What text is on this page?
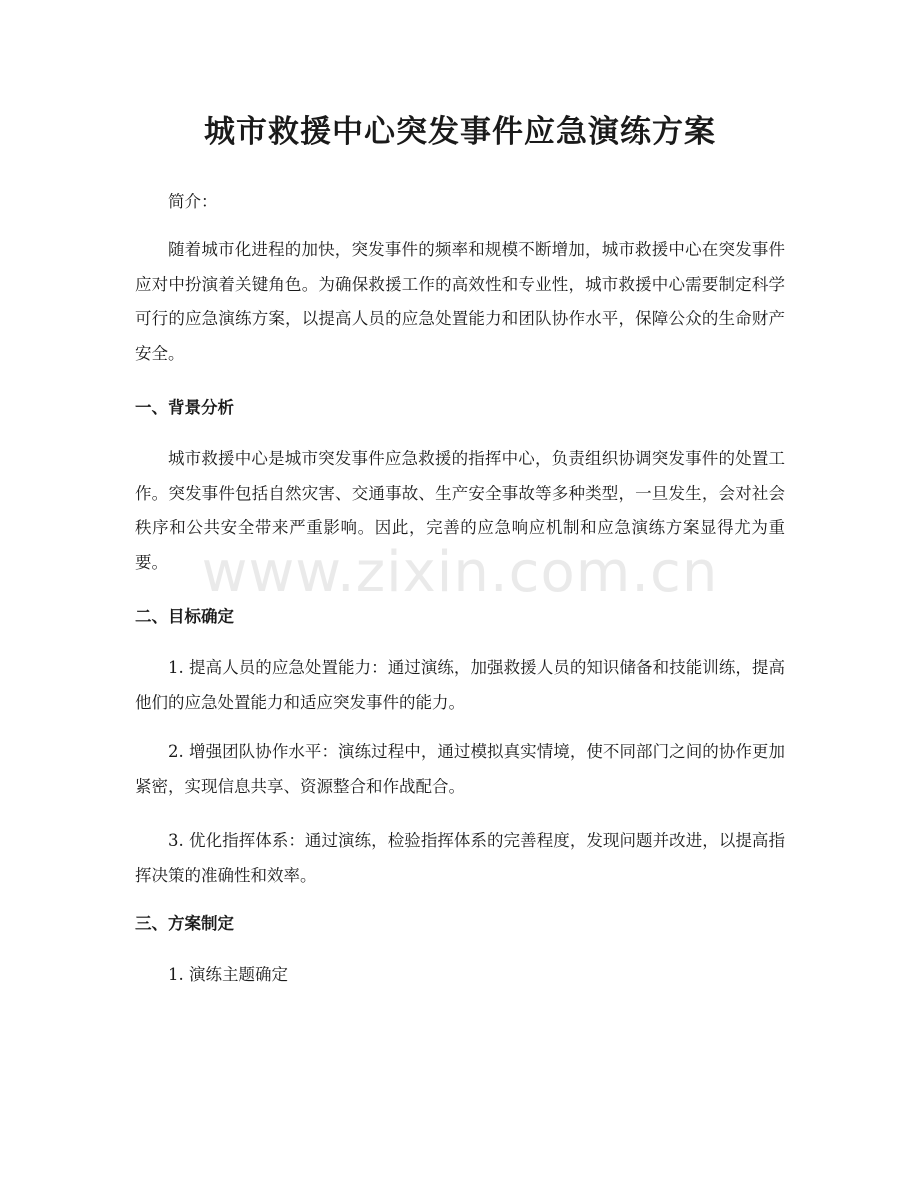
城市救援中心突发事件应急演练方案

简介：

随着城市化进程的加快，突发事件的频率和规模不断增加，城市救援中心在突发事件应对中扮演着关键角色。为确保救援工作的高效性和专业性，城市救援中心需要制定科学可行的应急演练方案，以提高人员的应急处置能力和团队协作水平，保障公众的生命财产安全。

一、背景分析

城市救援中心是城市突发事件应急救援的指挥中心，负责组织协调突发事件的处置工作。突发事件包括自然灾害、交通事故、生产安全事故等多种类型，一旦发生，会对社会秩序和公共安全带来严重影响。因此，完善的应急响应机制和应急演练方案显得尤为重要。 www.zixin.com.cn
二、目标确定

1. 提高人员的应急处置能力：通过演练，加强救援人员的知识储备和技能训练，提高他们的应急处置能力和适应突发事件的能力。

2. 增强团队协作水平：演练过程中，通过模拟真实情境，使不同部门之间的协作更加紧密，实现信息共享、资源整合和作战配合。

3. 优化指挥体系：通过演练，检验指挥体系的完善程度，发现问题并改进，以提高指挥决策的准确性和效率。

三、方案制定

1. 演练主题确定
